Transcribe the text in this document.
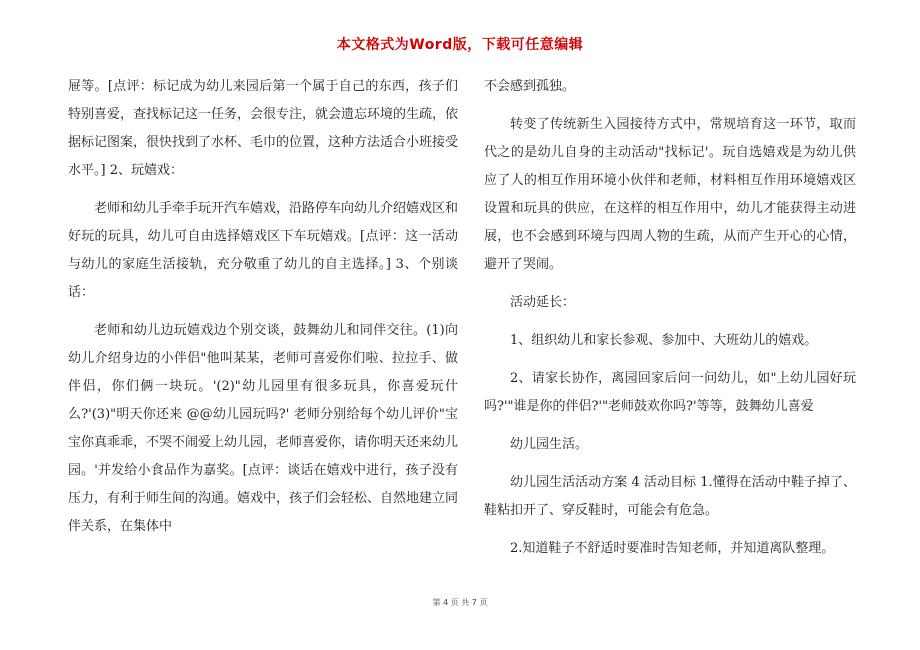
本文格式为Word版，下载可任意编辑

屉等。[点评：标记成为幼儿来园后第一个属于自己的东西，孩子们特别喜爱，查找标记这一任务，会很专注，就会遗忘环境的生疏，依据标记图案，很快找到了水杯、毛巾的位置，这种方法适合小班接受水平。] 2、玩嬉戏：

老师和幼儿手牵手玩开汽车嬉戏，沿路停车向幼儿介绍嬉戏区和好玩的玩具，幼儿可自由选择嬉戏区下车玩嬉戏。[点评：这一活动与幼儿的家庭生活接轨，充分敬重了幼儿的自主选择。] 3、个别谈话：

老师和幼儿边玩嬉戏边个别交谈，鼓舞幼儿和同伴交往。(1)向幼儿介绍身边的小伴侣"他叫某某，老师可喜爱你们啦、拉拉手、做伴侣，你们俩一块玩。'(2)"幼儿园里有很多玩具，你喜爱玩什么?'(3)"明天你还来 @@幼儿园玩吗?' 老师分别给每个幼儿评价"宝宝你真乖乖，不哭不闹爱上幼儿园，老师喜爱你，请你明天还来幼儿园。'并发给小食品作为嘉奖。[点评：谈话在嬉戏中进行，孩子没有压力，有利于师生间的沟通。嬉戏中，孩子们会轻松、自然地建立同伴关系，在集体中

不会感到孤独。

转变了传统新生入园接待方式中，常规培育这一环节，取而代之的是幼儿自身的主动活动"找标记'。玩自选嬉戏是为幼儿供应了人的相互作用环境小伙伴和老师，材料相互作用环境嬉戏区设置和玩具的供应，在这样的相互作用中，幼儿才能获得主动进展，也不会感到环境与四周人物的生疏，从而产生开心的心情，避开了哭闹。

活动延长：

1、组织幼儿和家长参观、参加中、大班幼儿的嬉戏。

2、请家长协作，离园回家后问一问幼儿，如"上幼儿园好玩吗?'"谁是你的伴侣?'"老师鼓欢你吗?'等等，鼓舞幼儿喜爱

幼儿园生活。

幼儿园生活活动方案 4 活动目标 1.懂得在活动中鞋子掉了、鞋粘扣开了、穿反鞋时，可能会有危急。

2.知道鞋子不舒适时要准时告知老师，并知道离队整理。

第 4 页 共 7 页
